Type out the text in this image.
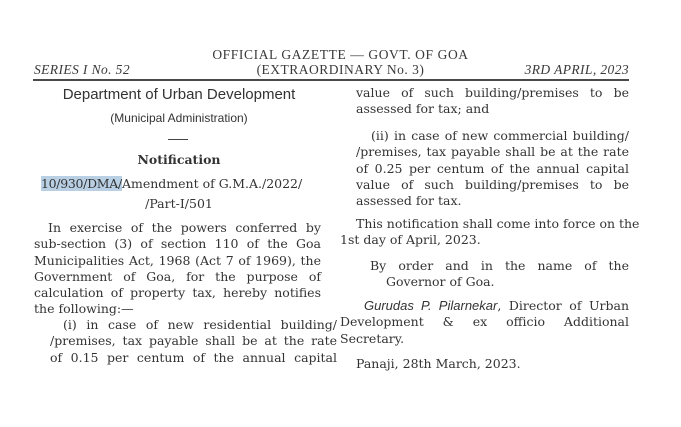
OFFICIAL GAZETTE — GOVT. OF GOA
SERIES I No. 52	(EXTRAORDINARY No. 3)	3RD APRIL, 2023
Department of Urban Development
(Municipal Administration)
Notification
10/930/DMA/Amendment of G.M.A./2022/
/Part-I/501
In exercise of the powers conferred by
sub-section (3) of section 110 of the Goa
Municipalities Act, 1968 (Act 7 of 1969), the
Government of Goa, for the purpose of
calculation of property tax, hereby notifies
the following:—
(i) in case of new residential building/
/premises, tax payable shall be at the rate
of 0.15 per centum of the annual capital
value of such building/premises to be
assessed for tax; and
(ii) in case of new commercial building/
/premises, tax payable shall be at the rate
of 0.25 per centum of the annual capital
value of such building/premises to be
assessed for tax.
This notification shall come into force on the
1st day of April, 2023.
By order and in the name of the
Governor of Goa.
Gurudas P. Pilarnekar, Director of Urban
Development & ex officio Additional
Secretary.
Panaji, 28th March, 2023.
